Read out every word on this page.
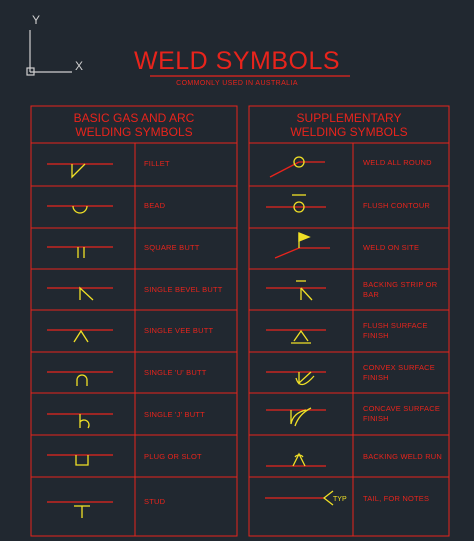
Y
X
TYP
WELD SYMBOLS
COMMONLY USED IN AUSTRALIA
BASIC GAS AND ARC
WELDING SYMBOLS
SUPPLEMENTARY
WELDING SYMBOLS
FILLET
BEAD
SQUARE BUTT
SINGLE BEVEL BUTT
SINGLE VEE BUTT
SINGLE 'U' BUTT
SINGLE 'J' BUTT
PLUG OR SLOT
STUD
WELD ALL ROUND
FLUSH CONTOUR
WELD ON SITE
BACKING STRIP OR BAR
FLUSH SURFACE FINISH
CONVEX SURFACE FINISH
CONCAVE SURFACE FINISH
BACKING WELD RUN
TAIL, FOR NOTES
